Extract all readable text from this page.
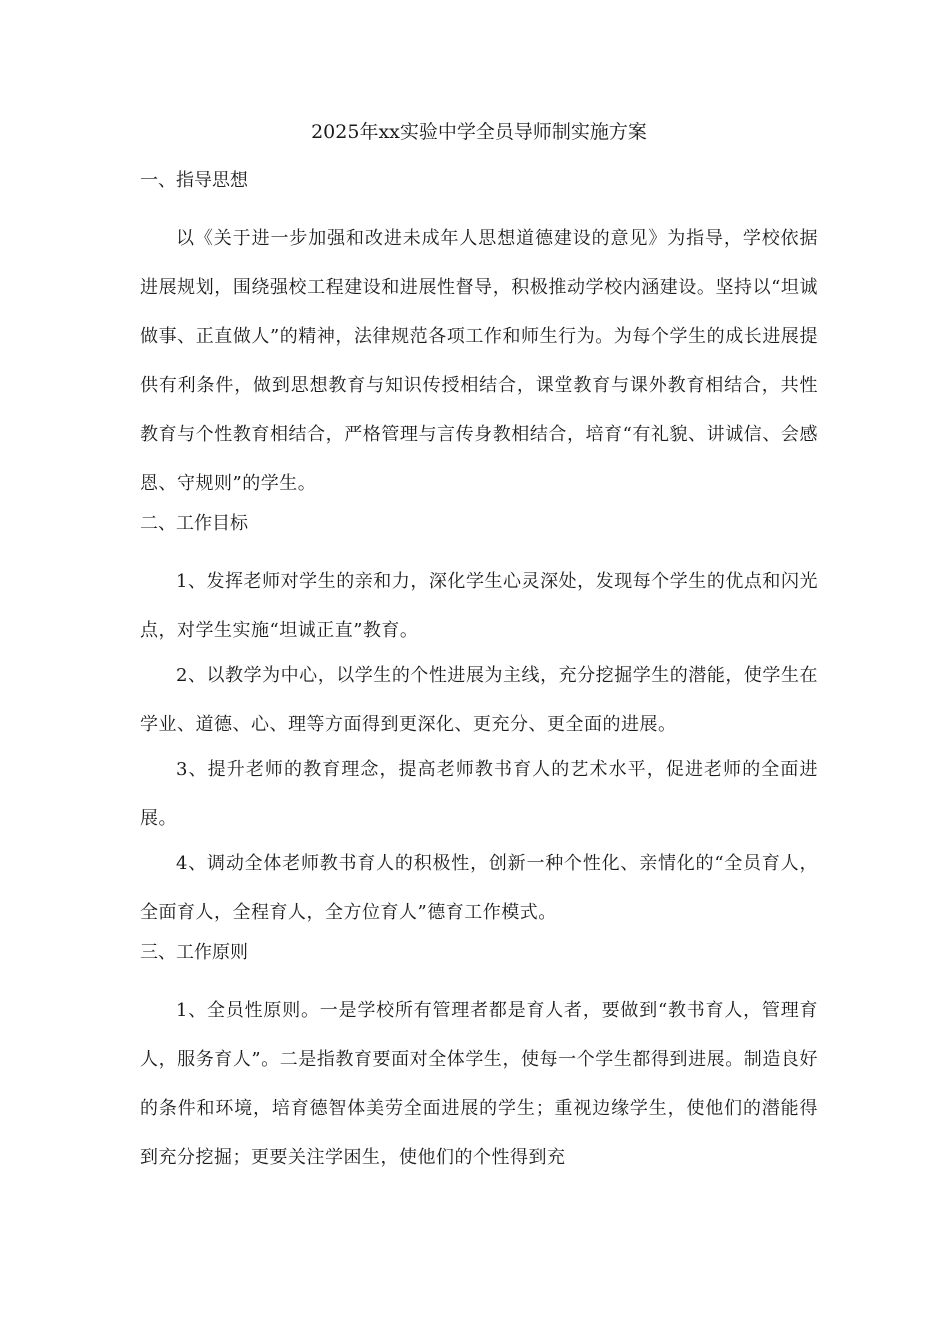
2025年xx实验中学全员导师制实施方案
一、指导思想

以《关于进一步加强和改进未成年人思想道德建设的意见》为指导，学校依据进展规划，围绕强校工程建设和进展性督导，积极推动学校内涵建设。坚持以“坦诚做事、正直做人”的精神，法律规范各项工作和师生行为。为每个学生的成长进展提供有利条件，做到思想教育与知识传授相结合，课堂教育与课外教育相结合，共性教育与个性教育相结合，严格管理与言传身教相结合，培育“有礼貌、讲诚信、会感恩、守规则”的学生。

二、工作目标

1、发挥老师对学生的亲和力，深化学生心灵深处，发现每个学生的优点和闪光点，对学生实施“坦诚正直”教育。

2、以教学为中心，以学生的个性进展为主线，充分挖掘学生的潜能，使学生在学业、道德、心、理等方面得到更深化、更充分、更全面的进展。

3、提升老师的教育理念，提高老师教书育人的艺术水平，促进老师的全面进展。

4、调动全体老师教书育人的积极性，创新一种个性化、亲情化的“全员育人，全面育人，全程育人，全方位育人”德育工作模式。

三、工作原则

1、全员性原则。一是学校所有管理者都是育人者，要做到“教书育人，管理育人，服务育人”。二是指教育要面对全体学生，使每一个学生都得到进展。制造良好的条件和环境，培育德智体美劳全面进展的学生；重视边缘学生，使他们的潜能得到充分挖掘；更要关注学困生，使他们的个性得到充
